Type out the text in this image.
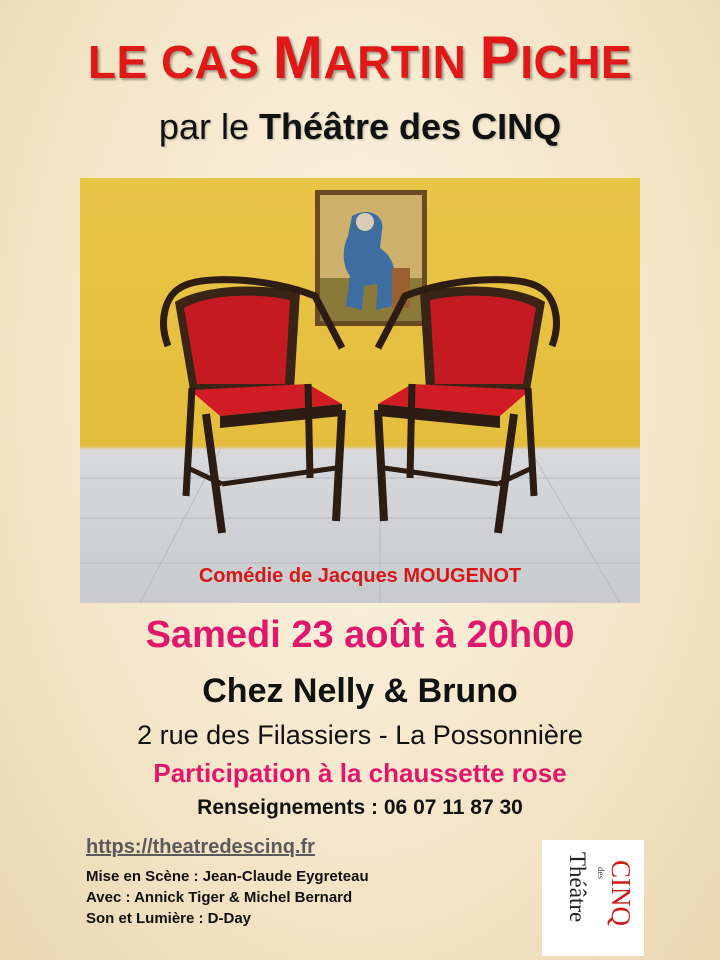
LE CAS MARTIN PICHE
par le Théâtre des CINQ
Comédie de Jacques MOUGENOT
Samedi 23 août à 20h00
Chez Nelly & Bruno
2 rue des Filassiers - La Possonnière
Participation à la chaussette rose
Renseignements : 06 07 11 87 30
https://theatredescinq.fr
Mise en Scène : Jean-Claude Eygreteau
Avec : Annick Tiger & Michel Bernard
Son et Lumière : D-Day	Théâtre des CINQ
